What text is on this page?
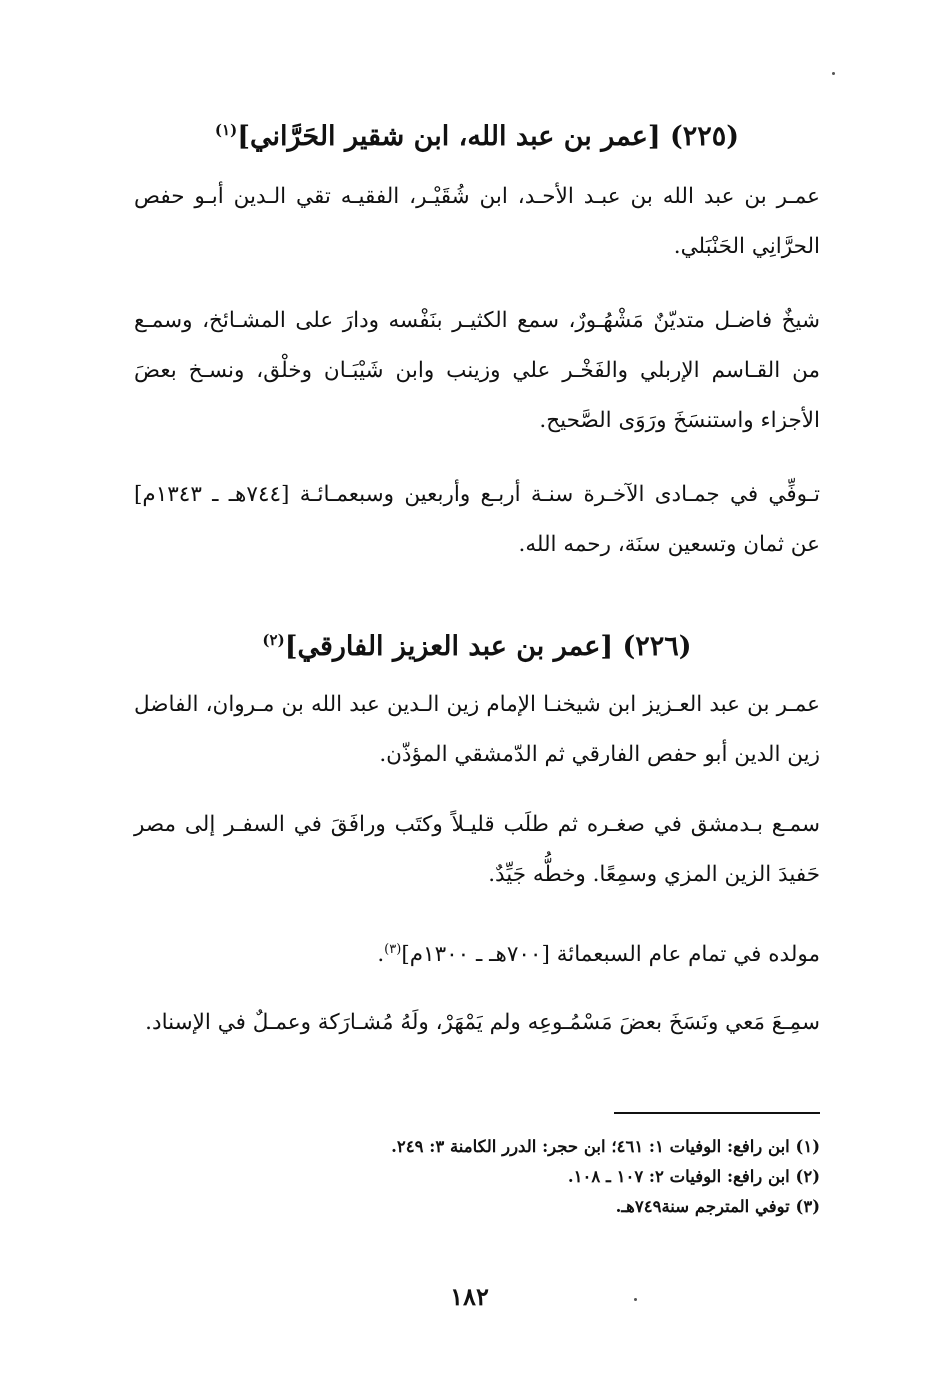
(٢٢٥) [عمر بن عبد الله، ابن شقير الحَرَّاني]$^{(١)}$
عمـر بن عبد الله بن عبـد الأحـد، ابن شُقَيْـر، الفقيـه تقي الـدين أبـو حفص الحرَّانِي الحَنْبَلي.
شيخٌ فاضـل متديّنٌ مَشْهُـورٌ، سمع الكثيـر بنَفْسه ودارَ على المشـائخ، وسمـع من القـاسم الإربلي والفَخْـر علي وزينب وابن شَيْبَـان وخلْق، ونسـخ بعضَ الأجزاء واستنسَخَ ورَوَى الصَّحيح.
تـوفِّي في جمـادى الآخـرة سنـة أربـع وأربعين وسبعمـائـة [٧٤٤هـ ـ ١٣٤٣م] عن ثمان وتسعين سنَة، رحمه الله.
(٢٢٦) [عمر بن عبد العزيز الفارقي]$^{(٢)}$
عمـر بن عبد العـزيز ابن شيخنـا الإمام زين الـدين عبد الله بن مـروان، الفاضل زين الدين أبو حفص الفارقي ثم الدّمشقي المؤذّن.
سمـع بـدمشق في صغـره ثم طلَب قليـلاً وكتَب ورافَقَ في السفـر إلى مصر حَفيدَ الزين المزي وسمِعًا. وخطُّه جَيِّدٌ.
مولده في تمام عام السبعمائة [٧٠٠هـ ـ ١٣٠٠م]$^{(٣)}$.
سمِـعَ مَعي ونَسَخَ بعضَ مَسْمُـوعِه ولم يَمْهَرْ، ولَهُ مُشـارَكة وعمـلٌ في الإسناد.
(١) ابن رافع: الوفيات ١: ٤٦١؛ ابن حجر: الدرر الكامنة ٣: ٢٤٩.
(٢) ابن رافع: الوفيات ٢: ١٠٧ ـ ١٠٨.
(٣) توفي المترجم سنة٧٤٩هـ.
١٨٢
